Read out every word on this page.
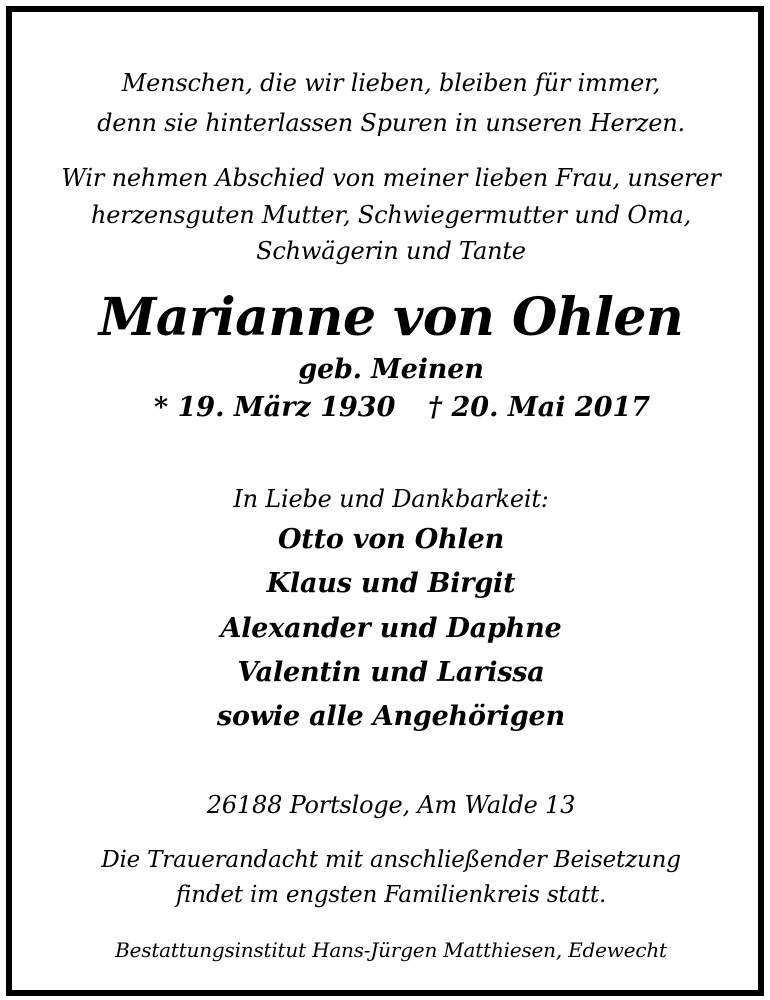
Menschen, die wir lieben, bleiben für immer,
denn sie hinterlassen Spuren in unseren Herzen.
Wir nehmen Abschied von meiner lieben Frau, unserer
herzensguten Mutter, Schwiegermutter und Oma,
Schwägerin und Tante
Marianne von Ohlen
geb. Meinen
* 19. März 1930 † 20. Mai 2017
In Liebe und Dankbarkeit:
Otto von Ohlen
Klaus und Birgit
Alexander und Daphne
Valentin und Larissa
sowie alle Angehörigen
26188 Portsloge, Am Walde 13
Die Trauerandacht mit anschließender Beisetzung
findet im engsten Familienkreis statt.
Bestattungsinstitut Hans-Jürgen Matthiesen, Edewecht
